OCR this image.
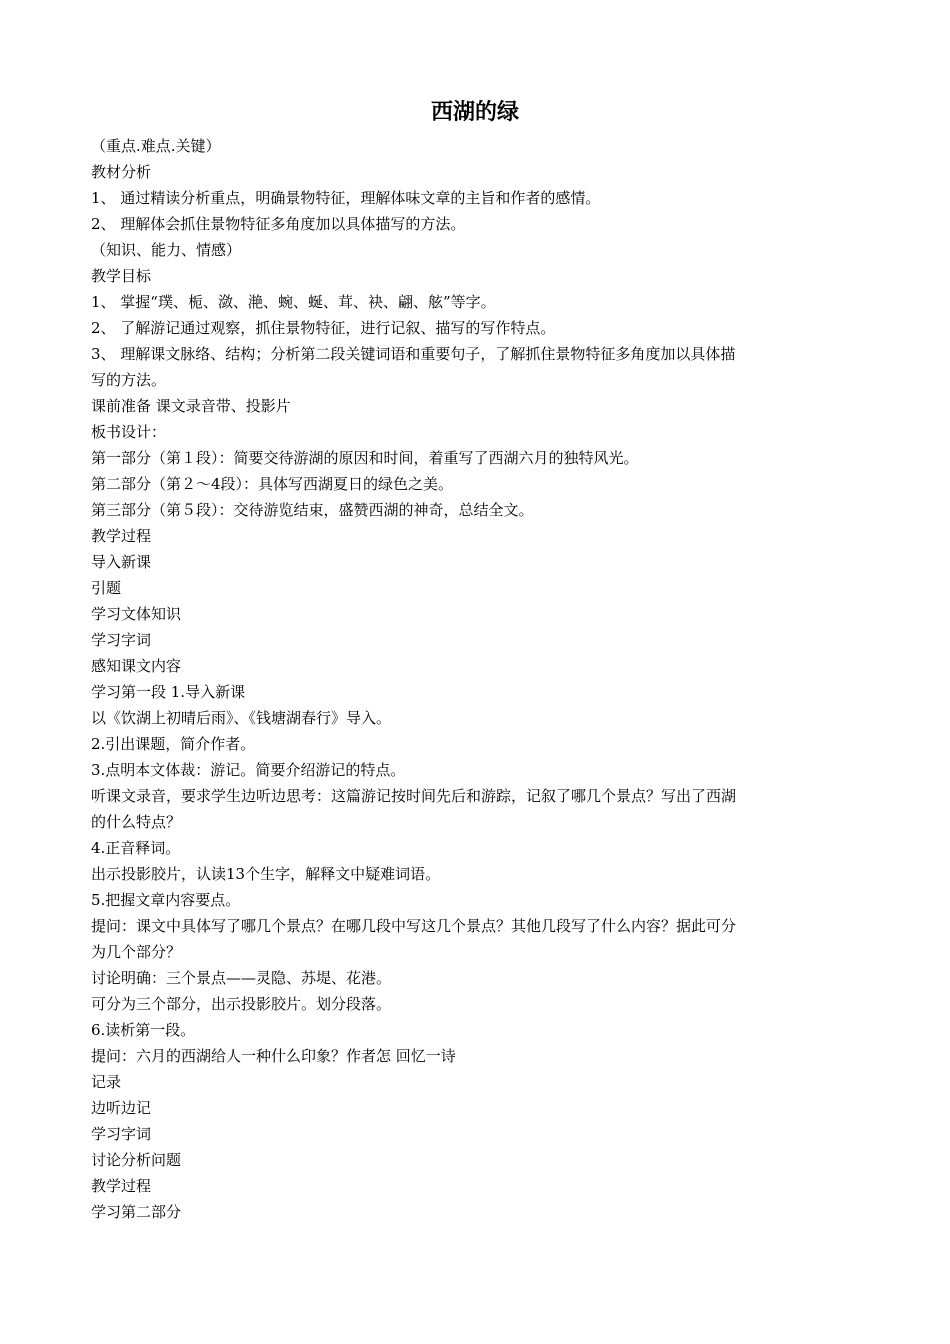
西湖的绿

（重点.难点.关键）

教材分析

1、 通过精读分析重点，明确景物特征，理解体味文章的主旨和作者的感情。

2、 理解体会抓住景物特征多角度加以具体描写的方法。

（知识、能力、情感）

教学目标

1、 掌握“璞、栀、潋、滟、蜿、蜒、茸、袂、翩、舷”等字。

2、 了解游记通过观察，抓住景物特征，进行记叙、描写的写作特点。

3、 理解课文脉络、结构；分析第二段关键词语和重要句子，了解抓住景物特征多角度加以具体描

写的方法。

课前准备 课文录音带、投影片

板书设计：

第一部分（第１段）：简要交待游湖的原因和时间，着重写了西湖六月的独特风光。

第二部分（第２～4段）：具体写西湖夏日的绿色之美。

第三部分（第５段）：交待游览结束，盛赞西湖的神奇，总结全文。

教学过程

导入新课

引题

学习文体知识

学习字词

感知课文内容

学习第一段 1.导入新课

以《饮湖上初晴后雨》、《钱塘湖春行》导入。

2.引出课题，简介作者。

3.点明本文体裁：游记。简要介绍游记的特点。

听课文录音，要求学生边听边思考：这篇游记按时间先后和游踪，记叙了哪几个景点？写出了西湖

的什么特点？

4.正音释词。

出示投影胶片，认读13个生字，解释文中疑难词语。

5.把握文章内容要点。

提问：课文中具体写了哪几个景点？在哪几段中写这几个景点？其他几段写了什么内容？据此可分

为几个部分？

讨论明确：三个景点——灵隐、苏堤、花港。

可分为三个部分，出示投影胶片。划分段落。

6.读析第一段。

提问：六月的西湖给人一种什么印象？作者怎 回忆一诗

记录

边听边记

学习字词

讨论分析问题

教学过程

学习第二部分
